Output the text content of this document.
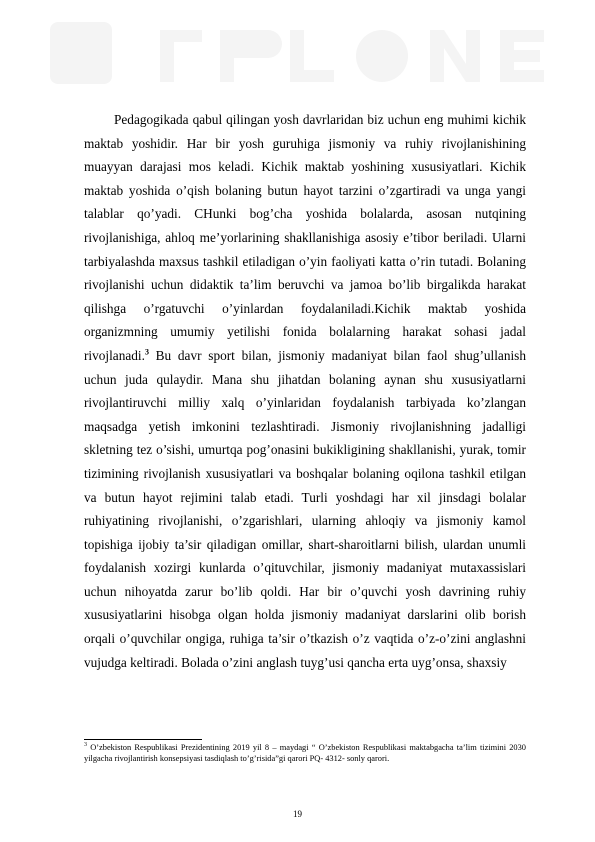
Pedagogikada qabul qilingan yosh davrlaridan biz uchun eng muhimi kichik maktab yoshidir. Har bir yosh guruhiga jismoniy va ruhiy rivojlanishining muayyan darajasi mos keladi. Kichik maktab yoshining xususiyatlari. Kichik maktab yoshida o’qish bolaning butun hayot tarzini o’zgartiradi va unga yangi talablar qo’yadi. CHunki bog’cha yoshida bolalarda, asosan nutqining rivojlanishiga, ahloq me’yorlarining shakllanishiga asosiy e’tibor beriladi. Ularni tarbiyalashda maxsus tashkil etiladigan o’yin faoliyati katta o’rin tutadi. Bolaning rivojlanishi uchun didaktik ta’lim beruvchi va jamoa bo’lib birgalikda harakat qilishga o’rgatuvchi o’yinlardan foydalaniladi.Kichik maktab yoshida organizmning umumiy yetilishi fonida bolalarning harakat sohasi jadal rivojlanadi.$^3$ Bu davr sport bilan, jismoniy madaniyat bilan faol shug’ullanish uchun juda qulaydir. Mana shu jihatdan bolaning aynan shu xususiyatlarni rivojlantiruvchi milliy xalq o’yinlaridan foydalanish tarbiyada ko’zlangan maqsadga yetish imkonini tezlashtiradi. Jismoniy rivojlanishning jadalligi skletning tez o’sishi, umurtqa pog’onasini bukikligining shakllanishi, yurak, tomir tizimining rivojlanish xususiyatlari va boshqalar bolaning oqilona tashkil etilgan va butun hayot rejimini talab etadi. Turli yoshdagi har xil jinsdagi bolalar ruhiyatining rivojlanishi, o’zgarishlari, ularning ahloqiy va jismoniy kamol topishiga ijobiy ta’sir qiladigan omillar, shart-sharoitlarni bilish, ulardan unumli foydalanish xozirgi kunlarda o’qituvchilar, jismoniy madaniyat mutaxassislari uchun nihoyatda zarur bo’lib qoldi. Har bir o’quvchi yosh davrining ruhiy xususiyatlarini hisobga olgan holda jismoniy madaniyat darslarini olib borish orqali o’quvchilar ongiga, ruhiga ta’sir o’tkazish o’z vaqtida o’z-o’zini anglashni vujudga keltiradi. Bolada o’zini anglash tuyg’usi qancha erta uyg’onsa, shaxsiy

$^3$ O’zbekiston Respublikasi Prezidentining 2019 yil 8 – maydagi “ O’zbekiston Respublikasi maktabgacha ta’lim tizimini 2030 yilgacha rivojlantirish konsepsiyasi tasdiqlash to’g’risida”gi qarori PQ- 4312- sonly qarori.

19
